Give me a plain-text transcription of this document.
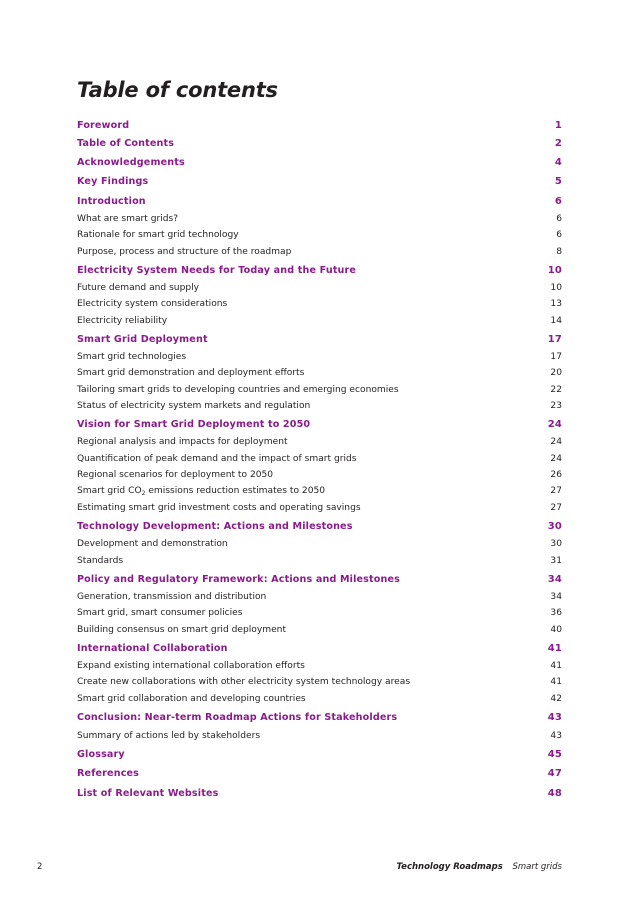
Table of contents
Foreword	1
Table of Contents	2
Acknowledgements	4
Key Findings	5
Introduction	6
What are smart grids?	6
Rationale for smart grid technology	6
Purpose, process and structure of the roadmap	8
Electricity System Needs for Today and the Future	10
Future demand and supply	10
Electricity system considerations	13
Electricity reliability	14
Smart Grid Deployment	17
Smart grid technologies	17
Smart grid demonstration and deployment efforts	20
Tailoring smart grids to developing countries and emerging economies	22
Status of electricity system markets and regulation	23
Vision for Smart Grid Deployment to 2050	24
Regional analysis and impacts for deployment	24
Quantification of peak demand and the impact of smart grids	24
Regional scenarios for deployment to 2050	26
Smart grid $CO_2$ emissions reduction estimates to 2050	27
Estimating smart grid investment costs and operating savings	27
Technology Development: Actions and Milestones	30
Development and demonstration	30
Standards	31
Policy and Regulatory Framework: Actions and Milestones	34
Generation, transmission and distribution	34
Smart grid, smart consumer policies	36
Building consensus on smart grid deployment	40
International Collaboration	41
Expand existing international collaboration efforts	41
Create new collaborations with other electricity system technology areas	41
Smart grid collaboration and developing countries	42
Conclusion: Near-term Roadmap Actions for Stakeholders	43
Summary of actions led by stakeholders	43
Glossary	45
References	47
List of Relevant Websites	48
2	Technology Roadmaps Smart grids
